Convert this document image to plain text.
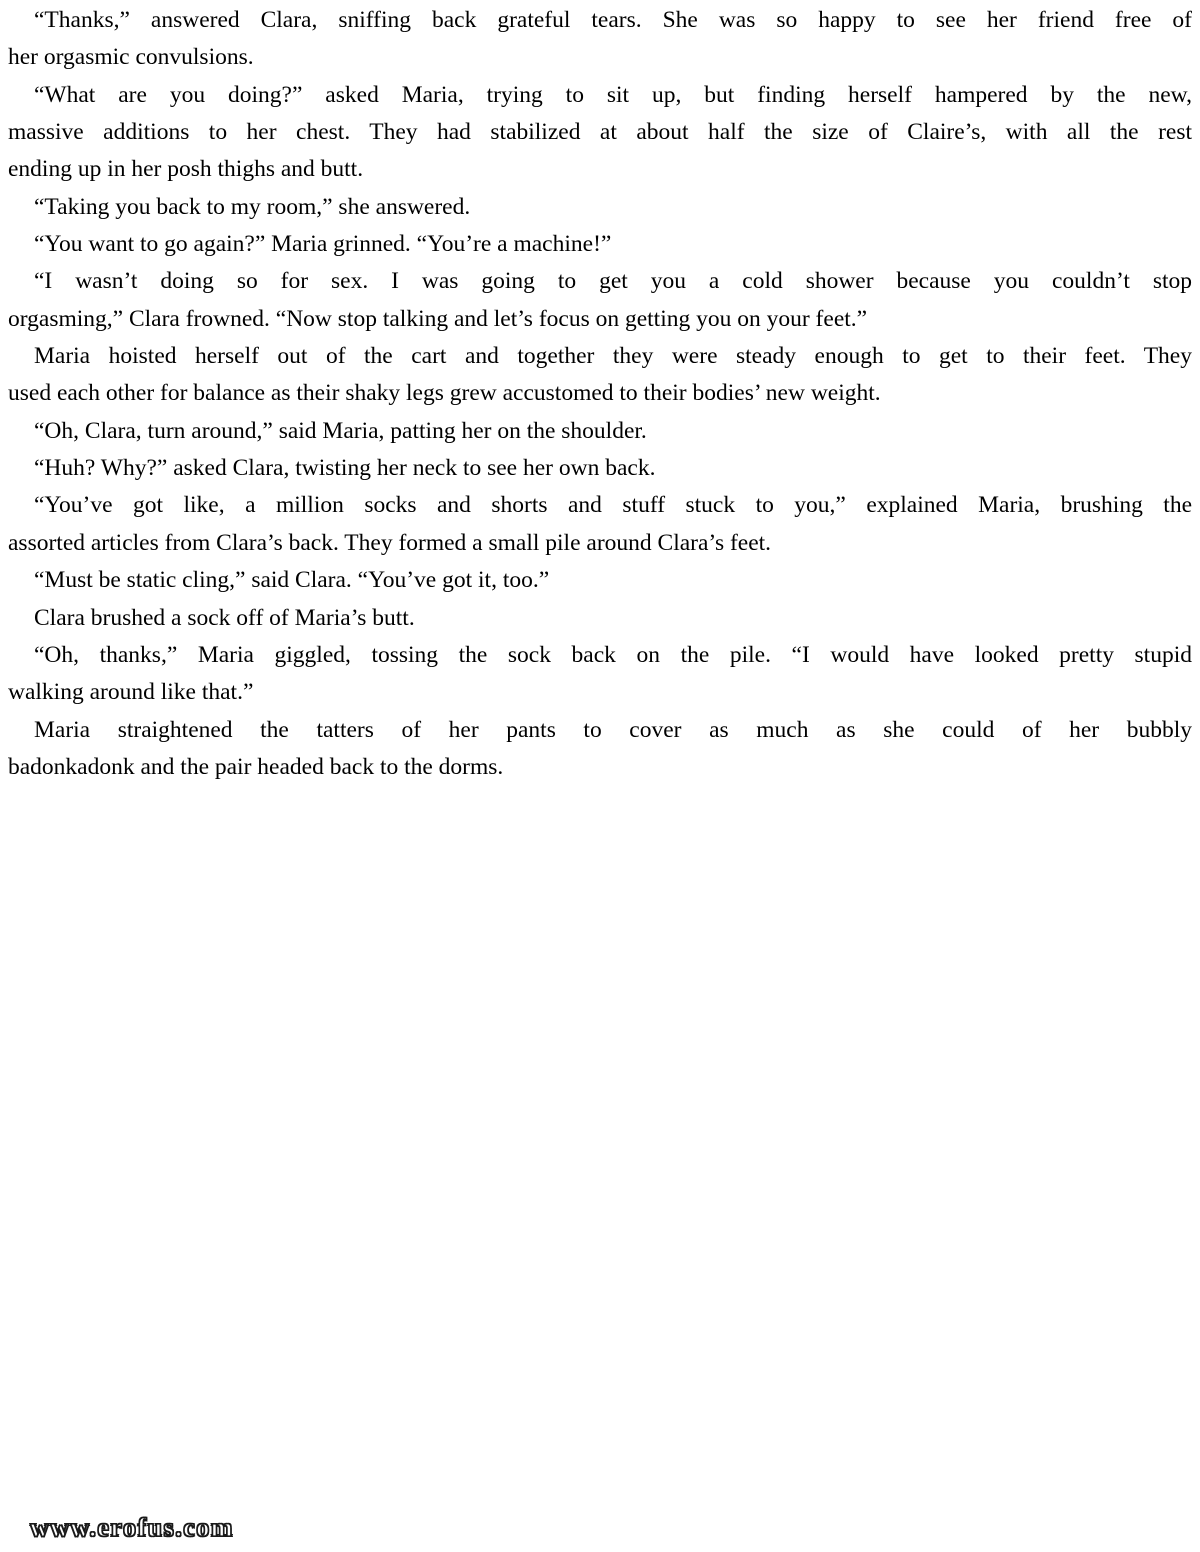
“Thanks,” answered Clara, sniffing back grateful tears. She was so happy to see her friend free of
her orgasmic convulsions.
“What are you doing?” asked Maria, trying to sit up, but finding herself hampered by the new,
massive additions to her chest. They had stabilized at about half the size of Claire’s, with all the rest
ending up in her posh thighs and butt.
“Taking you back to my room,” she answered.
“You want to go again?” Maria grinned. “You’re a machine!”
“I wasn’t doing so for sex. I was going to get you a cold shower because you couldn’t stop
orgasming,” Clara frowned. “Now stop talking and let’s focus on getting you on your feet.”
Maria hoisted herself out of the cart and together they were steady enough to get to their feet. They
used each other for balance as their shaky legs grew accustomed to their bodies’ new weight.
“Oh, Clara, turn around,” said Maria, patting her on the shoulder.
“Huh? Why?” asked Clara, twisting her neck to see her own back.
“You’ve got like, a million socks and shorts and stuff stuck to you,” explained Maria, brushing the
assorted articles from Clara’s back. They formed a small pile around Clara’s feet.
“Must be static cling,” said Clara. “You’ve got it, too.”
Clara brushed a sock off of Maria’s butt.
“Oh, thanks,” Maria giggled, tossing the sock back on the pile. “I would have looked pretty stupid
walking around like that.”
Maria straightened the tatters of her pants to cover as much as she could of her bubbly
badonkadonk and the pair headed back to the dorms.
www.erofus.com
